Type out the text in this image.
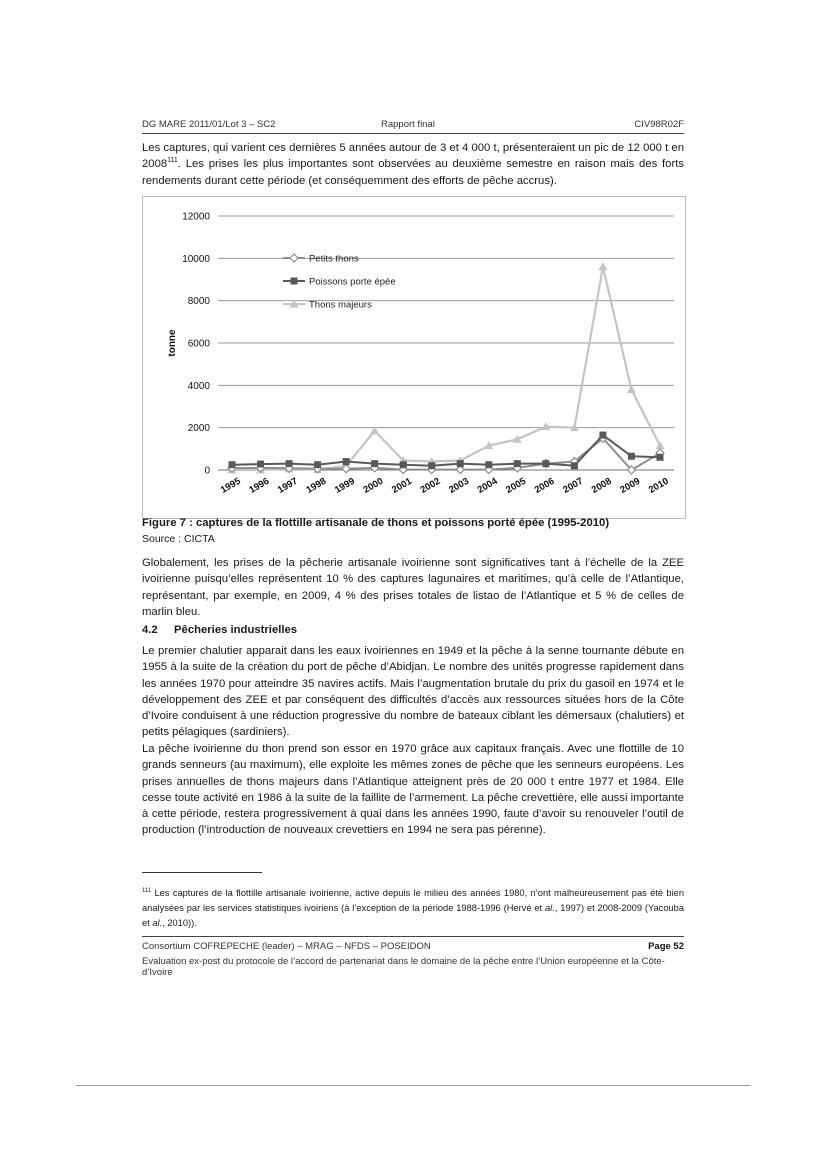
DG MARE 2011/01/Lot 3 – SC2	Rapport final	CIV98R02F

Les captures, qui varient ces dernières 5 années autour de 3 et 4 000 t, présenteraient un pic de 12 000 t en 2008$^{111}$. Les prises les plus importantes sont observées au deuxième semestre en raison mais des forts rendements durant cette période (et conséquemment des efforts de pêche accrus).

0
2000
4000
6000
8000
10000
12000
1995 1996 1997 1998 1999 2000 2001 2002 2003 2004 2005 2006 2007 2008 2009 2010
tonne
Petits thons
Poissons porte épée
Thons majeurs

Figure 7 : captures de la flottille artisanale de thons et poissons porté épée (1995-2010)

Source : CICTA

Globalement, les prises de la pêcherie artisanale ivoirienne sont significatives tant à l’échelle de la ZEE ivoirienne puisqu’elles représentent 10 % des captures lagunaires et maritimes, qu’à celle de l’Atlantique, représentant, par exemple, en 2009, 4 % des prises totales de listao de l’Atlantique et 5 % de celles de marlin bleu.

4.2 Pêcheries industrielles

Le premier chalutier apparait dans les eaux ivoiriennes en 1949 et la pêche à la senne tournante débute en 1955 à la suite de la création du port de pêche d’Abidjan. Le nombre des unités progresse rapidement dans les années 1970 pour atteindre 35 navires actifs. Mais l’augmentation brutale du prix du gasoil en 1974 et le développement des ZEE et par conséquent des difficultés d’accès aux ressources situées hors de la Côte d’Ivoire conduisent à une réduction progressive du nombre de bateaux ciblant les démersaux (chalutiers) et petits pélagiques (sardiniers).

La pêche ivoirienne du thon prend son essor en 1970 grâce aux capitaux français. Avec une flottille de 10 grands senneurs (au maximum), elle exploite les mêmes zones de pêche que les senneurs européens. Les prises annuelles de thons majeurs dans l’Atlantique atteignent près de 20 000 t entre 1977 et 1984. Elle cesse toute activité en 1986 à la suite de la faillite de l’armement. La pêche crevettière, elle aussi importante à cette période, restera progressivement à quai dans les années 1990, faute d’avoir su renouveler l’outil de production (l’introduction de nouveaux crevettiers en 1994 ne sera pas pérenne).

$^{111}$ Les captures de la flottille artisanale ivoirienne, active depuis le milieu des années 1980, n’ont malheureusement pas été bien analysées par les services statistiques ivoiriens (à l’exception de la période 1988-1996 (Hervé et al., 1997) et 2008-2009 (Yacouba et al., 2010)).

Consortium COFREPECHE (leader) – MRAG – NFDS – POSEIDON	Page 52
Evaluation ex-post du protocole de l’accord de partenariat dans le domaine de la pêche entre l’Union européenne et la Côte-d’Ivoire
